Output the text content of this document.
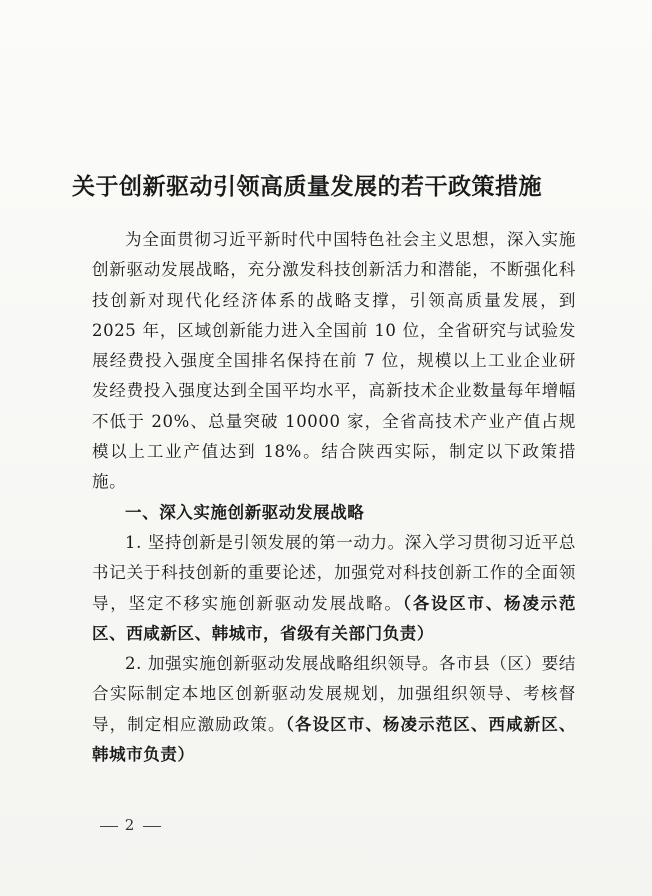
关于创新驱动引领高质量发展的若干政策措施

为全面贯彻习近平新时代中国特色社会主义思想，深入实施创新驱动发展战略，充分激发科技创新活力和潜能，不断强化科技创新对现代化经济体系的战略支撑，引领高质量发展，到 2025 年，区域创新能力进入全国前 10 位，全省研究与试验发展经费投入强度全国排名保持在前 7 位，规模以上工业企业研发经费投入强度达到全国平均水平，高新技术企业数量每年增幅不低于 20%、总量突破 10000 家，全省高技术产业产值占规模以上工业产值达到 18%。结合陕西实际，制定以下政策措施。

一、深入实施创新驱动发展战略

1. 坚持创新是引领发展的第一动力。深入学习贯彻习近平总书记关于科技创新的重要论述，加强党对科技创新工作的全面领导，坚定不移实施创新驱动发展战略。（各设区市、杨凌示范区、西咸新区、韩城市，省级有关部门负责）

2. 加强实施创新驱动发展战略组织领导。各市县（区）要结合实际制定本地区创新驱动发展规划，加强组织领导、考核督导，制定相应激励政策。（各设区市、杨凌示范区、西咸新区、韩城市负责）

2
